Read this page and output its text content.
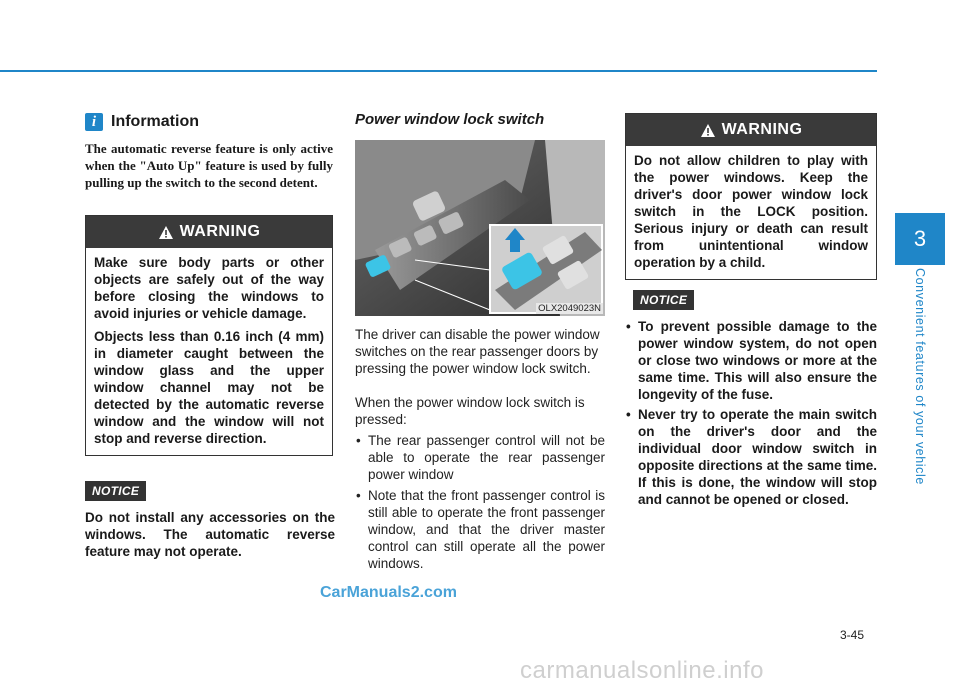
i Information

The automatic reverse feature is only active when the "Auto Up" feature is used by fully pulling up the switch to the second detent.

WARNING

Make sure body parts or other objects are safely out of the way before closing the windows to avoid injuries or vehicle damage.

Objects less than 0.16 inch (4 mm) in diameter caught between the window glass and the upper window channel may not be detected by the automatic reverse window and the window will not stop and reverse direction.

NOTICE

Do not install any accessories on the windows. The automatic reverse feature may not operate.

Power window lock switch
OLX2049023N

The driver can disable the power window switches on the rear passenger doors by pressing the power window lock switch.

When the power window lock switch is pressed:

• The rear passenger control will not be able to operate the rear passenger power window
• Note that the front passenger control is still able to operate the front passenger window, and that the driver master control can still operate all the power windows.
WARNING

Do not allow children to play with the power windows. Keep the driver's door power window lock switch in the LOCK position. Serious injury or death can result from unintentional window operation by a child.

NOTICE
• To prevent possible damage to the power window system, do not open or close two windows or more at the same time. This will also ensure the longevity of the fuse.
• Never try to operate the main switch on the driver's door and the individual door window switch in opposite directions at the same time. If this is done, the window will stop and cannot be opened or closed.
3
Convenient features of your vehicle
3-45
CarManuals2.com
carmanualsonline.info
